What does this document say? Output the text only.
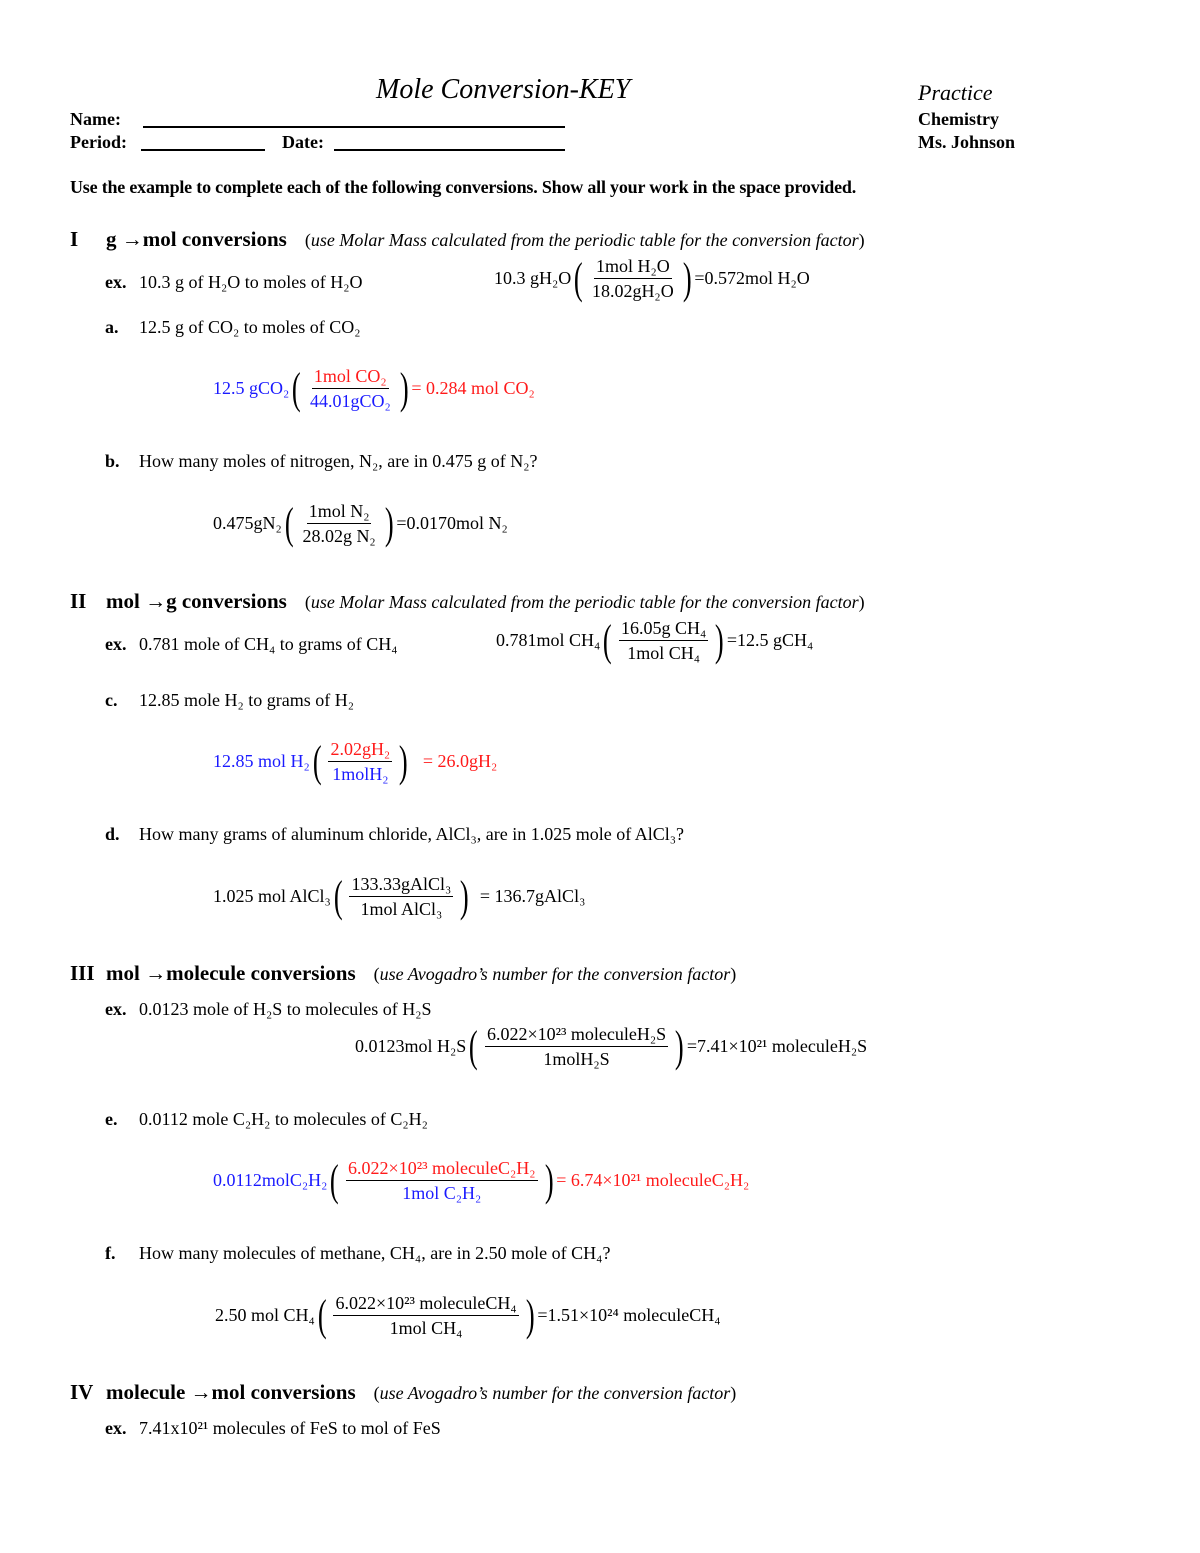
Mole Conversion-KEY	Practice
Chemistry
Ms. Johnson
Name:
Period:	Date:
Use the example to complete each of the following conversions. Show all your work in the space provided.
I g →mol conversions (use Molar Mass calculated from the periodic table for the conversion factor)
ex. 10.3 g of H₂O to moles of H₂O	10.3 gH₂O ( $\frac{\text{1mol H₂O}}{\text{18.02gH₂O}}$ ) =0.572mol H₂O
a. 12.5 g of CO₂ to moles of CO₂
12.5 gCO₂ ( $\frac{\text{1mol CO₂}}{\text{44.01gCO₂}}$ ) = 0.284 mol CO₂
b. How many moles of nitrogen, N₂, are in 0.475 g of N₂?
0.475gN₂ ( $\frac{\text{1mol N₂}}{\text{28.02g N₂}}$ ) =0.0170mol N₂
II mol →g conversions (use Molar Mass calculated from the periodic table for the conversion factor)
ex. 0.781 mole of CH₄ to grams of CH₄	0.781mol CH₄ ( $\frac{\text{16.05g CH₄}}{\text{1mol CH₄}}$ ) =12.5 gCH₄
c. 12.85 mole H₂ to grams of H₂
12.85 mol H₂ ( $\frac{\text{2.02gH₂}}{\text{1molH₂}}$ ) = 26.0gH₂
d. How many grams of aluminum chloride, AlCl₃, are in 1.025 mole of AlCl₃?
1.025 mol AlCl₃ ( $\frac{\text{133.33gAlCl₃}}{\text{1mol AlCl₃}}$ ) = 136.7gAlCl₃
III mol →molecule conversions (use Avogadro’s number for the conversion factor)
ex. 0.0123 mole of H₂S to molecules of H₂S
0.0123mol H₂S ( $\frac{\text{6.022×10²³ moleculeH₂S}}{\text{1molH₂S}}$ ) =7.41×10²¹ moleculeH₂S
e. 0.0112 mole C₂H₂ to molecules of C₂H₂
0.0112molC₂H₂ ( $\frac{\text{6.022×10²³ moleculeC₂H₂}}{\text{1mol C₂H₂}}$ ) = 6.74×10²¹ moleculeC₂H₂
f. How many molecules of methane, CH₄, are in 2.50 mole of CH₄?
2.50 mol CH₄ ( $\frac{\text{6.022×10²³ moleculeCH₄}}{\text{1mol CH₄}}$ ) =1.51×10²⁴ moleculeCH₄
IV molecule →mol conversions (use Avogadro’s number for the conversion factor)
ex. 7.41x10²¹ molecules of FeS to mol of FeS
